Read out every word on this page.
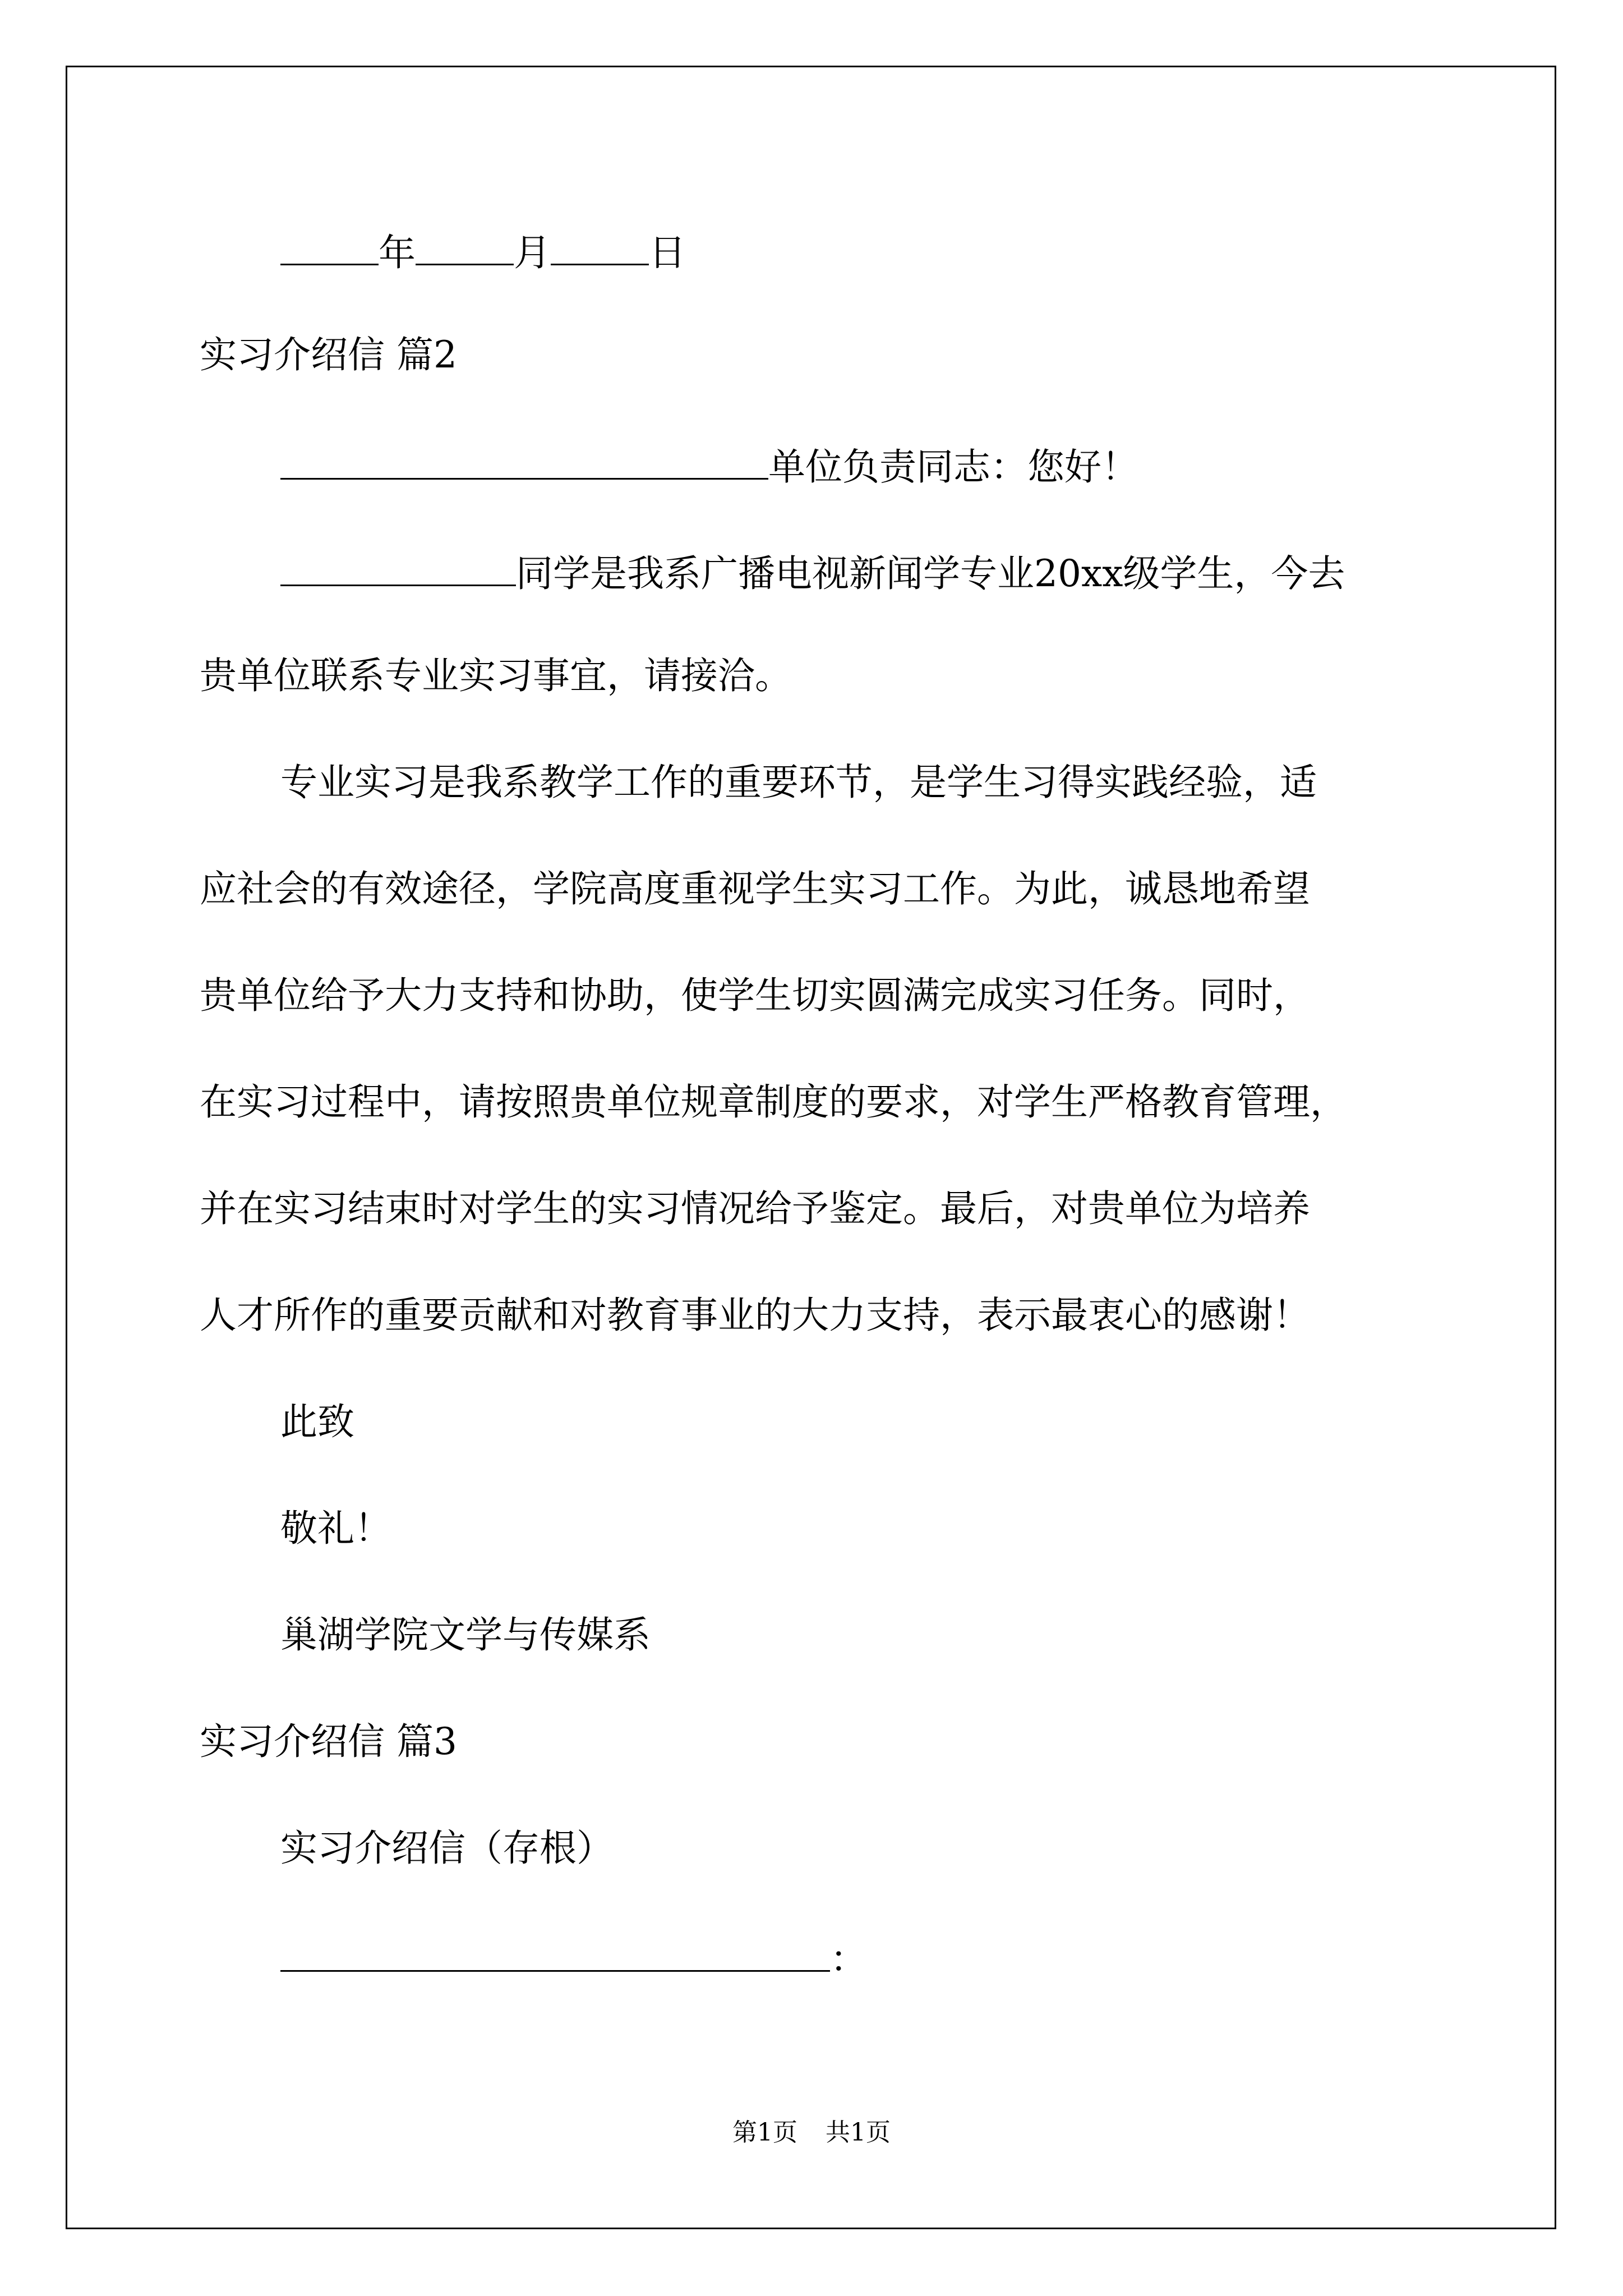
年	月	日
实习介绍信 篇2
单位负责同志：您好！
同学是我系广播电视新闻学专业20xx级学生，今去
贵单位联系专业实习事宜，请接洽。
专业实习是我系教学工作的重要环节，是学生习得实践经验，适
应社会的有效途径，学院高度重视学生实习工作。为此，诚恳地希望
贵单位给予大力支持和协助，使学生切实圆满完成实习任务。同时，
在实习过程中，请按照贵单位规章制度的要求，对学生严格教育管理，
并在实习结束时对学生的实习情况给予鉴定。最后，对贵单位为培养
人才所作的重要贡献和对教育事业的大力支持，表示最衷心的感谢！
此致
敬礼！
巢湖学院文学与传媒系
实习介绍信 篇3
实习介绍信（存根）
：
第1页 共1页
